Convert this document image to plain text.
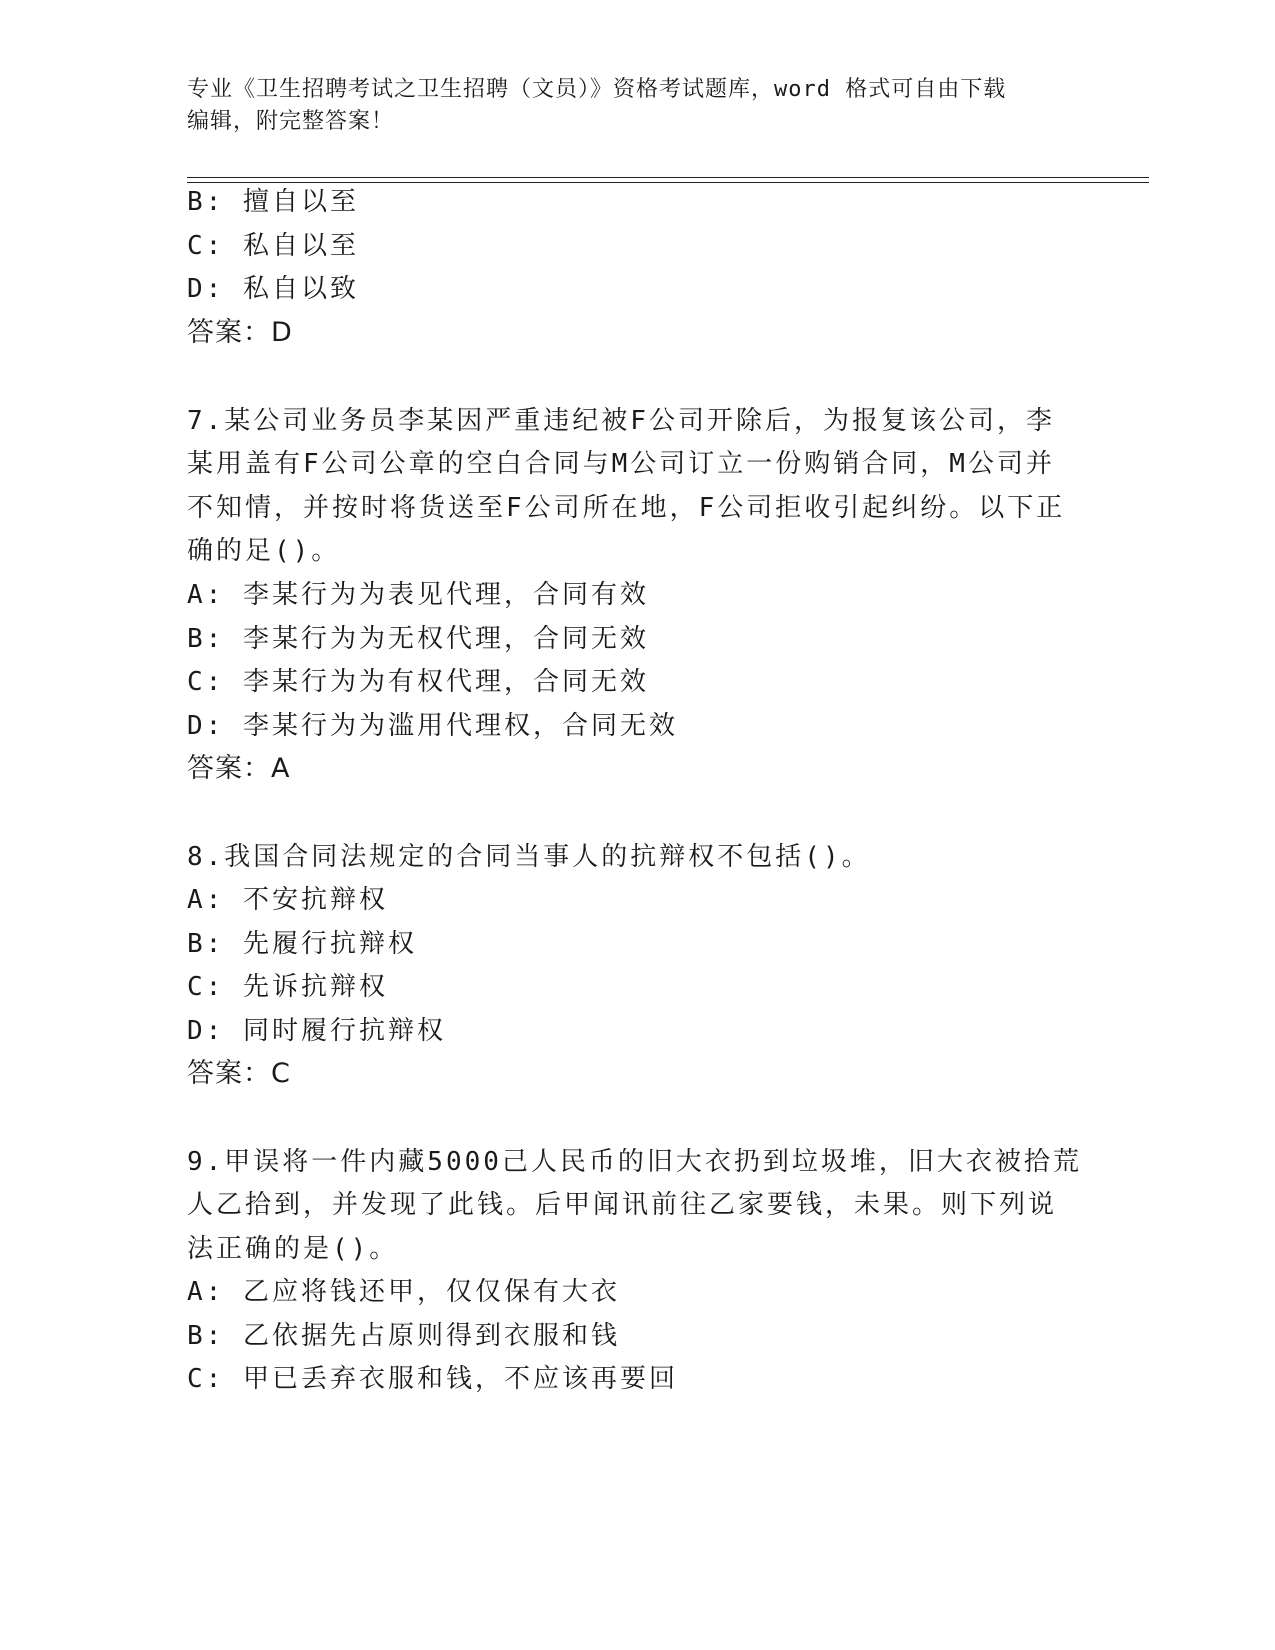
专业《卫生招聘考试之卫生招聘（文员）》资格考试题库，word 格式可自由下载
编辑，附完整答案！
B: 擅自以至
C: 私自以至
D: 私自以致
答案：D
7.某公司业务员李某因严重违纪被F公司开除后，为报复该公司，李
某用盖有F公司公章的空白合同与M公司订立一份购销合同，M公司并
不知情，并按时将货送至F公司所在地，F公司拒收引起纠纷。以下正
确的足()。
A: 李某行为为表见代理，合同有效
B: 李某行为为无权代理，合同无效
C: 李某行为为有权代理，合同无效
D: 李某行为为滥用代理权，合同无效
答案：A
8.我国合同法规定的合同当事人的抗辩权不包括()。
A: 不安抗辩权
B: 先履行抗辩权
C: 先诉抗辩权
D: 同时履行抗辩权
答案：C
9.甲误将一件内藏5000己人民币的旧大衣扔到垃圾堆，旧大衣被拾荒
人乙拾到，并发现了此钱。后甲闻讯前往乙家要钱，未果。则下列说
法正确的是()。
A: 乙应将钱还甲，仅仅保有大衣
B: 乙依据先占原则得到衣服和钱
C: 甲已丢弃衣服和钱，不应该再要回
